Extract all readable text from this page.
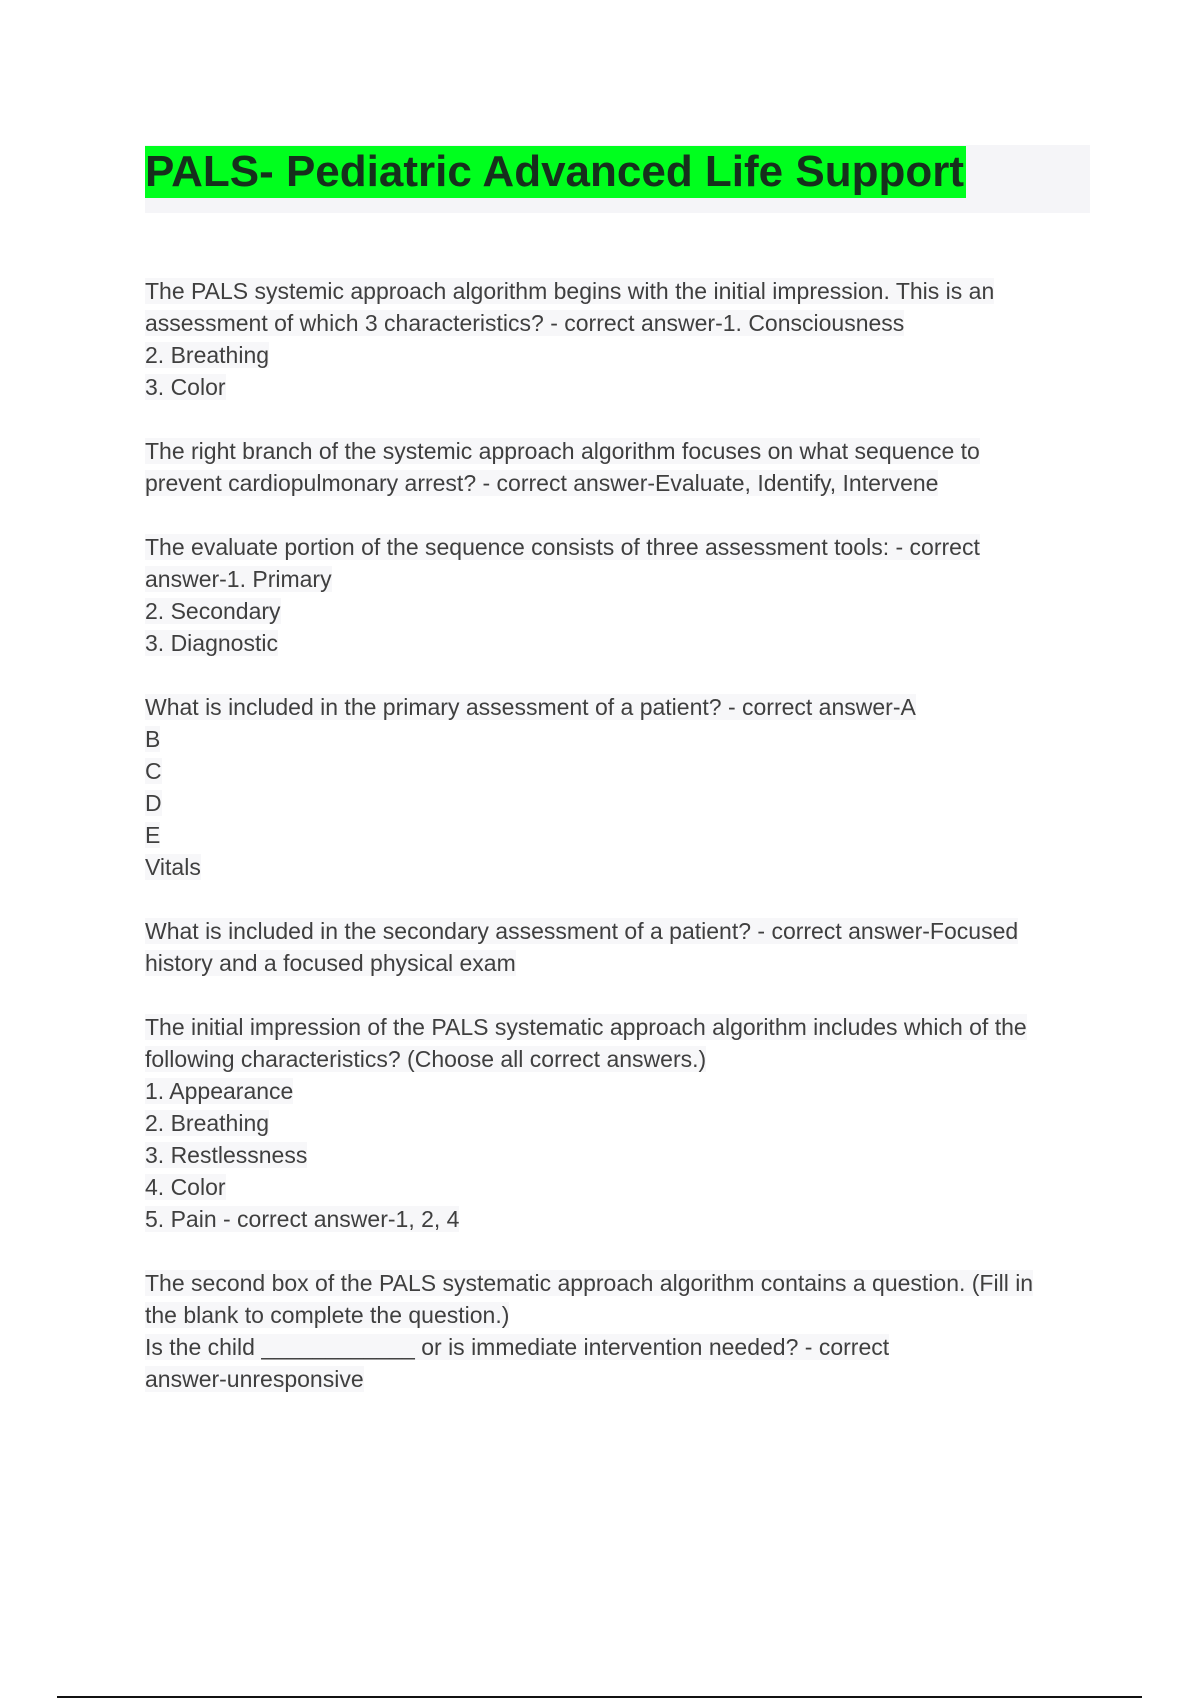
PALS- Pediatric Advanced Life Support
The PALS systemic approach algorithm begins with the initial impression. This is an
assessment of which 3 characteristics? - correct answer-1. Consciousness
2. Breathing
3. Color
The right branch of the systemic approach algorithm focuses on what sequence to
prevent cardiopulmonary arrest? - correct answer-Evaluate, Identify, Intervene
The evaluate portion of the sequence consists of three assessment tools: - correct
answer-1. Primary
2. Secondary
3. Diagnostic
What is included in the primary assessment of a patient? - correct answer-A
B
C
D
E
Vitals
What is included in the secondary assessment of a patient? - correct answer-Focused
history and a focused physical exam
The initial impression of the PALS systematic approach algorithm includes which of the
following characteristics? (Choose all correct answers.)
1. Appearance
2. Breathing
3. Restlessness
4. Color
5. Pain - correct answer-1, 2, 4
The second box of the PALS systematic approach algorithm contains a question. (Fill in
the blank to complete the question.)
Is the child ____________ or is immediate intervention needed? - correct
answer-unresponsive
